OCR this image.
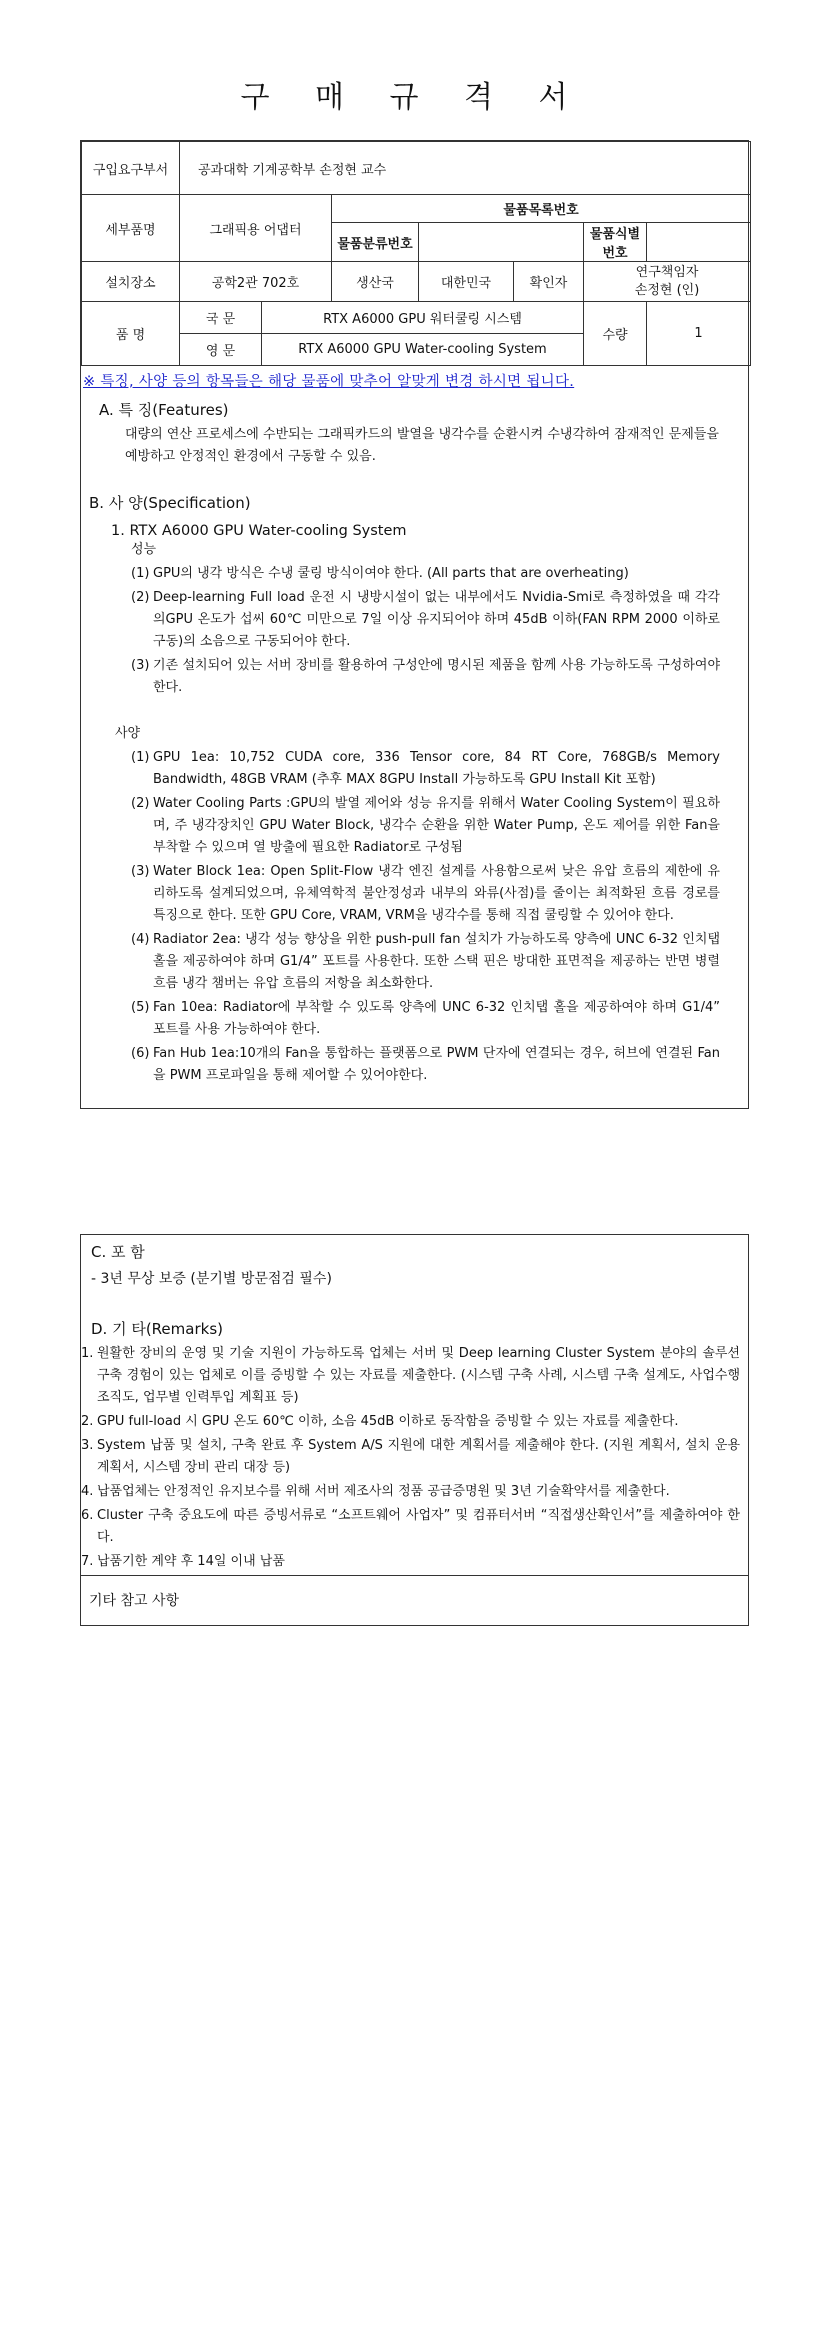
구 매 규 격 서
구입요구부서	공과대학 기계공학부 손정현 교수						
세부품명	그래픽용 어댑터		물품목록번호				
			물품분류번호			물품식별번호	
설치장소	공학2관 702호		생산국	대한민국	확인자	연구책임자
손정현 (인)	

품 명	국 문	RTX A6000 GPU 워터쿨링 시스템				수량	1
	영 문	RTX A6000 GPU Water-cooling System					
※ 특징, 사양 등의 항목들은 해당 물품에 맞추어 알맞게 변경 하시면 됩니다.
A. 특 징(Features)
대량의 연산 프로세스에 수반되는 그래픽카드의 발열을 냉각수를 순환시켜 수냉각하여 잠재적인 문제들을 예방하고 안정적인 환경에서 구동할 수 있음.
B. 사 양(Specification)
1. RTX A6000 GPU Water-cooling System
성능
(1) GPU의 냉각 방식은 수냉 쿨링 방식이여야 한다. (All parts that are overheating)
(2) Deep-learning Full load 운전 시 냉방시설이 없는 내부에서도 Nvidia-Smi로 측정하였을 때 각각의GPU 온도가 섭씨 60℃ 미만으로 7일 이상 유지되어야 하며 45dB 이하(FAN RPM 2000 이하로 구동)의 소음으로 구동되어야 한다.
(3) 기존 설치되어 있는 서버 장비를 활용하여 구성안에 명시된 제품을 함께 사용 가능하도록 구성하여야 한다.
사양
(1) GPU 1ea: 10,752 CUDA core, 336 Tensor core, 84 RT Core, 768GB/s Memory Bandwidth, 48GB VRAM (추후 MAX 8GPU Install 가능하도록 GPU Install Kit 포함)
(2) Water Cooling Parts :GPU의 발열 제어와 성능 유지를 위해서 Water Cooling System이 필요하며, 주 냉각장치인 GPU Water Block, 냉각수 순환을 위한 Water Pump, 온도 제어를 위한 Fan을 부착할 수 있으며 열 방출에 필요한 Radiator로 구성됨
(3) Water Block 1ea: Open Split-Flow 냉각 엔진 설계를 사용함으로써 낮은 유압 흐름의 제한에 유리하도록 설계되었으며, 유체역학적 불안정성과 내부의 와류(사점)를 줄이는 최적화된 흐름 경로를 특징으로 한다. 또한 GPU Core, VRAM, VRM을 냉각수를 통해 직접 쿨링할 수 있어야 한다.
(4) Radiator 2ea: 냉각 성능 향상을 위한 push-pull fan 설치가 가능하도록 양측에 UNC 6-32 인치탭홀을 제공하여야 하며 G1/4” 포트를 사용한다. 또한 스택 핀은 방대한 표면적을 제공하는 반면 병렬 흐름 냉각 챔버는 유압 흐름의 저항을 최소화한다.
(5) Fan 10ea: Radiator에 부착할 수 있도록 양측에 UNC 6-32 인치탭 홀을 제공하여야 하며 G1/4” 포트를 사용 가능하여야 한다.
(6) Fan Hub 1ea:10개의 Fan을 통합하는 플랫폼으로 PWM 단자에 연결되는 경우, 허브에 연결된 Fan을 PWM 프로파일을 통해 제어할 수 있어야한다.
C. 포 함
- 3년 무상 보증 (분기별 방문점검 필수)
D. 기 타(Remarks)
1. 원활한 장비의 운영 및 기술 지원이 가능하도록 업체는 서버 및 Deep learning Cluster System 분야의 솔루션 구축 경험이 있는 업체로 이를 증빙할 수 있는 자료를 제출한다. (시스템 구축 사례, 시스템 구축 설계도, 사업수행 조직도, 업무별 인력투입 계획표 등)
2. GPU full-load 시 GPU 온도 60℃ 이하, 소음 45dB 이하로 동작함을 증빙할 수 있는 자료를 제출한다.
3. System 납품 및 설치, 구축 완료 후 System A/S 지원에 대한 계획서를 제출해야 한다. (지원 계획서, 설치 운용 계획서, 시스템 장비 관리 대장 등)
4. 납품업체는 안정적인 유지보수를 위해 서버 제조사의 정품 공급증명원 및 3년 기술확약서를 제출한다.
6. Cluster 구축 중요도에 따른 증빙서류로 “소프트웨어 사업자” 및 컴퓨터서버 “직접생산확인서”를 제출하여야 한다.
7. 납품기한 계약 후 14일 이내 납품
기타 참고 사항
